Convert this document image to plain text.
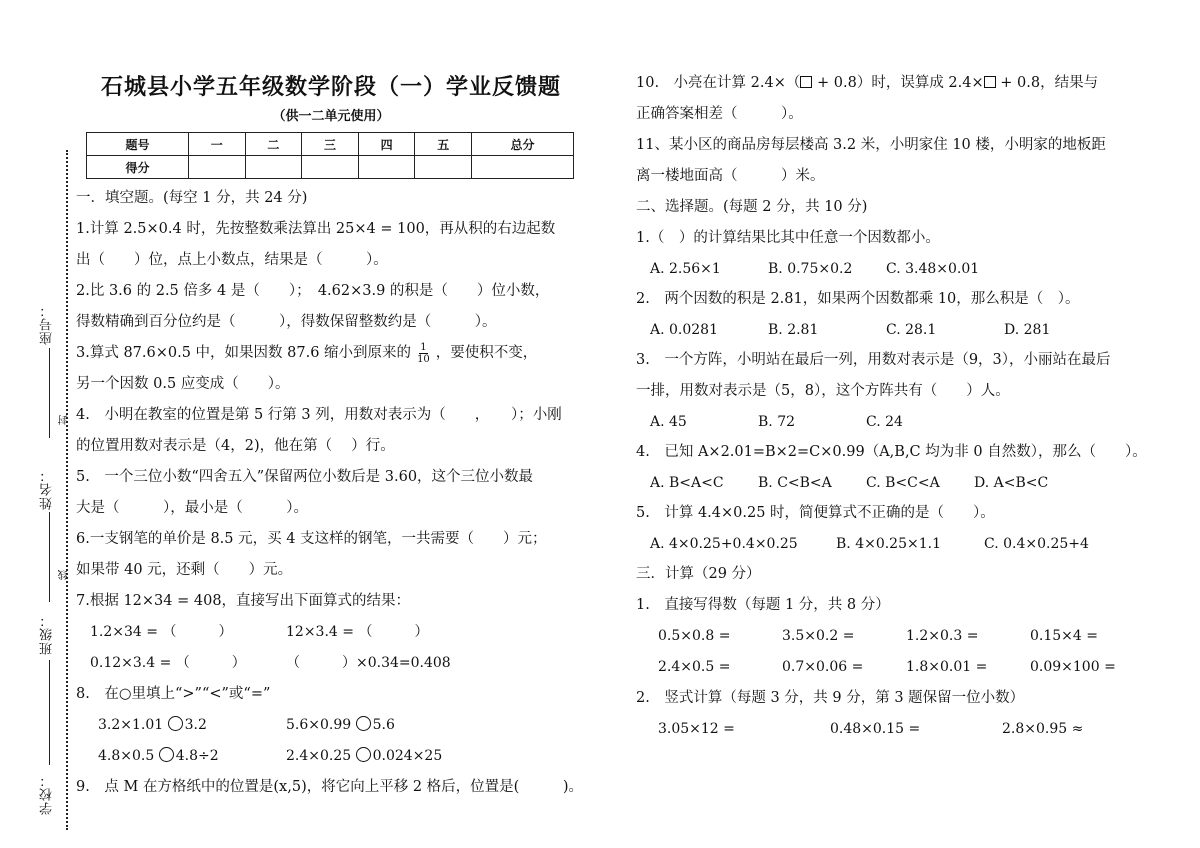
座号：
封
姓名：
线
班级：
学校：
石城县小学五年级数学阶段（一）学业反馈题
（供一二单元使用）
题号	一	二	三	四	五	总分
得分						
一．填空题。(每空 1 分，共 24 分)
1.计算 2.5×0.4 时，先按整数乘法算出 25×4 = 100，再从积的右边起数
出（　　）位，点上小数点，结果是（　　　）。
2.比 3.6 的 2.5 倍多 4 是（　　）；　4.62×3.9 的积是（　　）位小数，
得数精确到百分位约是（　　　），得数保留整数约是（　　　）。
3.算式 87.6×0.5 中，如果因数 87.6 缩小到原来的 $\frac{1}{10}$ ，要使积不变，
另一个因数 0.5 应变成（　　）。
4.　小明在教室的位置是第 5 行第 3 列，用数对表示为（　　，　　）；小刚
的位置用数对表示是（4，2)，他在第（　 ）行。
5.　一个三位小数“四舍五入”保留两位小数后是 3.60，这个三位小数最
大是（　　　），最小是（　　　）。
6.一支钢笔的单价是 8.5 元，买 4 支这样的钢笔，一共需要（　　）元；
如果带 40 元，还剩（　　）元。
7.根据 12×34 = 408，直接写出下面算式的结果：
1.2×34 = （　　　）	12×3.4 = （　　　）
0.12×3.4 = （　　　）	（　　　）×0.34=0.408
8.　在○里填上“>”“<”或“=”
3.2×1.01 3.2	5.6×0.99 5.6
4.8×0.5 4.8÷2	2.4×0.25 0.024×25
9.　点 M 在方格纸中的位置是(x,5)，将它向上平移 2 格后，位置是(　　　)。
10.　小亮在计算 2.4×（ + 0.8）时，误算成 2.4× + 0.8，结果与
正确答案相差（　　　）。
11、某小区的商品房每层楼高 3.2 米，小明家住 10 楼，小明家的地板距
离一楼地面高（　　　）米。
二、选择题。(每题 2 分，共 10 分)
1.（　）的计算结果比其中任意一个因数都小。
A. 2.56×1	B. 0.75×0.2	C. 3.48×0.01
2.　两个因数的积是 2.81，如果两个因数都乘 10，那么积是（　）。
A. 0.0281	B. 2.81	C. 28.1	D. 281
3.　一个方阵，小明站在最后一列，用数对表示是（9，3），小丽站在最后
一排，用数对表示是（5，8），这个方阵共有（　　）人。
A. 45	B. 72	C. 24
4.　已知 A×2.01=B×2=C×0.99（A,B,C 均为非 0 自然数），那么（　　）。
A. B<A<C	B. C<B<A	C. B<C<A	D. A<B<C
5.　计算 4.4×0.25 时，简便算式不正确的是（　　）。
A. 4×0.25+0.4×0.25	B. 4×0.25×1.1	C. 0.4×0.25+4
三．计算（29 分）
1.　直接写得数（每题 1 分，共 8 分）
0.5×0.8 =	3.5×0.2 =	1.2×0.3 =	0.15×4 =
2.4×0.5 =	0.7×0.06 =	1.8×0.01 =	0.09×100 =
2.　竖式计算（每题 3 分，共 9 分，第 3 题保留一位小数）
3.05×12 =	0.48×0.15 =	2.8×0.95 ≈
